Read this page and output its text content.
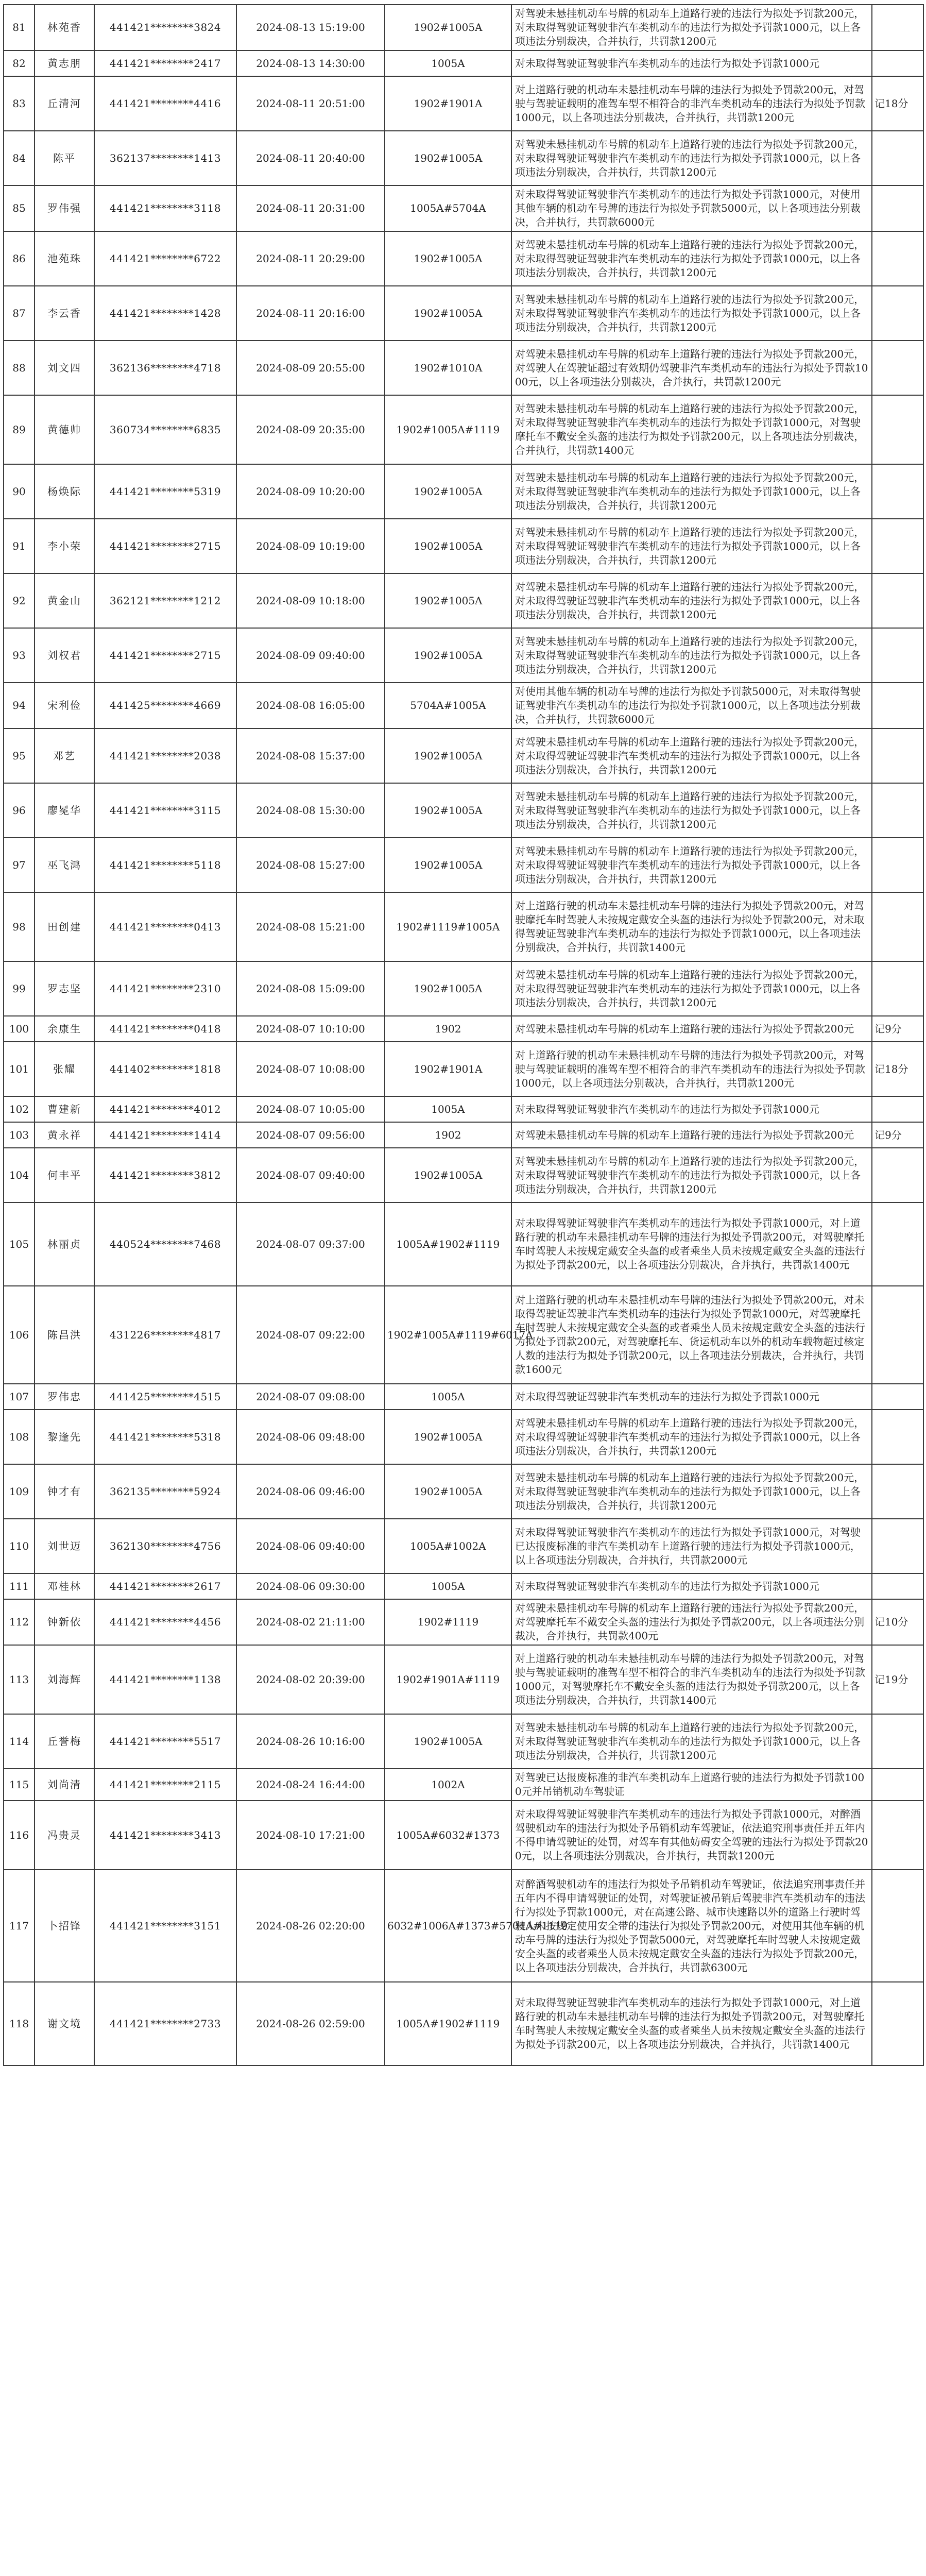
81	林苑香	441421********3824	2024-08-13 15:19:00	1902#1005A	对驾驶未悬挂机动车号牌的机动车上道路行驶的违法行为拟处予罚款200元，对未取得驾驶证驾驶非汽车类机动车的违法行为拟处予罚款1000元，以上各项违法分别裁决，合并执行，共罚款1200元	
82	黄志朋	441421********2417	2024-08-13 14:30:00	1005A	对未取得驾驶证驾驶非汽车类机动车的违法行为拟处予罚款1000元	
83	丘清河	441421********4416	2024-08-11 20:51:00	1902#1901A	对上道路行驶的机动车未悬挂机动车号牌的违法行为拟处予罚款200元，对驾驶与驾驶证载明的准驾车型不相符合的非汽车类机动车的违法行为拟处予罚款1000元，以上各项违法分别裁决，合并执行，共罚款1200元	记18分
84	陈平	362137********1413	2024-08-11 20:40:00	1902#1005A	对驾驶未悬挂机动车号牌的机动车上道路行驶的违法行为拟处予罚款200元，对未取得驾驶证驾驶非汽车类机动车的违法行为拟处予罚款1000元，以上各项违法分别裁决，合并执行，共罚款1200元	
85	罗伟强	441421********3118	2024-08-11 20:31:00	1005A#5704A	对未取得驾驶证驾驶非汽车类机动车的违法行为拟处予罚款1000元，对使用其他车辆的机动车号牌的违法行为拟处予罚款5000元，以上各项违法分别裁决，合并执行，共罚款6000元	
86	池苑珠	441421********6722	2024-08-11 20:29:00	1902#1005A	对驾驶未悬挂机动车号牌的机动车上道路行驶的违法行为拟处予罚款200元，对未取得驾驶证驾驶非汽车类机动车的违法行为拟处予罚款1000元，以上各项违法分别裁决，合并执行，共罚款1200元	
87	李云香	441421********1428	2024-08-11 20:16:00	1902#1005A	对驾驶未悬挂机动车号牌的机动车上道路行驶的违法行为拟处予罚款200元，对未取得驾驶证驾驶非汽车类机动车的违法行为拟处予罚款1000元，以上各项违法分别裁决，合并执行，共罚款1200元	
88	刘文四	362136********4718	2024-08-09 20:55:00	1902#1010A	对驾驶未悬挂机动车号牌的机动车上道路行驶的违法行为拟处予罚款200元，对驾驶人在驾驶证超过有效期仍驾驶非汽车类机动车的违法行为拟处予罚款1000元，以上各项违法分别裁决，合并执行，共罚款1200元	
89	黄德帅	360734********6835	2024-08-09 20:35:00	1902#1005A#1119	对驾驶未悬挂机动车号牌的机动车上道路行驶的违法行为拟处予罚款200元，对未取得驾驶证驾驶非汽车类机动车的违法行为拟处予罚款1000元，对驾驶摩托车不戴安全头盔的违法行为拟处予罚款200元，以上各项违法分别裁决，合并执行，共罚款1400元	
90	杨焕际	441421********5319	2024-08-09 10:20:00	1902#1005A	对驾驶未悬挂机动车号牌的机动车上道路行驶的违法行为拟处予罚款200元，对未取得驾驶证驾驶非汽车类机动车的违法行为拟处予罚款1000元，以上各项违法分别裁决，合并执行，共罚款1200元	
91	李小荣	441421********2715	2024-08-09 10:19:00	1902#1005A	对驾驶未悬挂机动车号牌的机动车上道路行驶的违法行为拟处予罚款200元，对未取得驾驶证驾驶非汽车类机动车的违法行为拟处予罚款1000元，以上各项违法分别裁决，合并执行，共罚款1200元	
92	黄金山	362121********1212	2024-08-09 10:18:00	1902#1005A	对驾驶未悬挂机动车号牌的机动车上道路行驶的违法行为拟处予罚款200元，对未取得驾驶证驾驶非汽车类机动车的违法行为拟处予罚款1000元，以上各项违法分别裁决，合并执行，共罚款1200元	
93	刘权君	441421********2715	2024-08-09 09:40:00	1902#1005A	对驾驶未悬挂机动车号牌的机动车上道路行驶的违法行为拟处予罚款200元，对未取得驾驶证驾驶非汽车类机动车的违法行为拟处予罚款1000元，以上各项违法分别裁决，合并执行，共罚款1200元	
94	宋利俭	441425********4669	2024-08-08 16:05:00	5704A#1005A	对使用其他车辆的机动车号牌的违法行为拟处予罚款5000元，对未取得驾驶证驾驶非汽车类机动车的违法行为拟处予罚款1000元，以上各项违法分别裁决，合并执行，共罚款6000元	
95	邓艺	441421********2038	2024-08-08 15:37:00	1902#1005A	对驾驶未悬挂机动车号牌的机动车上道路行驶的违法行为拟处予罚款200元，对未取得驾驶证驾驶非汽车类机动车的违法行为拟处予罚款1000元，以上各项违法分别裁决，合并执行，共罚款1200元	
96	廖冕华	441421********3115	2024-08-08 15:30:00	1902#1005A	对驾驶未悬挂机动车号牌的机动车上道路行驶的违法行为拟处予罚款200元，对未取得驾驶证驾驶非汽车类机动车的违法行为拟处予罚款1000元，以上各项违法分别裁决，合并执行，共罚款1200元	
97	巫飞鸿	441421********5118	2024-08-08 15:27:00	1902#1005A	对驾驶未悬挂机动车号牌的机动车上道路行驶的违法行为拟处予罚款200元，对未取得驾驶证驾驶非汽车类机动车的违法行为拟处予罚款1000元，以上各项违法分别裁决，合并执行，共罚款1200元	
98	田创建	441421********0413	2024-08-08 15:21:00	1902#1119#1005A	对上道路行驶的机动车未悬挂机动车号牌的违法行为拟处予罚款200元，对驾驶摩托车时驾驶人未按规定戴安全头盔的违法行为拟处予罚款200元，对未取得驾驶证驾驶非汽车类机动车的违法行为拟处予罚款1000元，以上各项违法分别裁决，合并执行，共罚款1400元	
99	罗志坚	441421********2310	2024-08-08 15:09:00	1902#1005A	对驾驶未悬挂机动车号牌的机动车上道路行驶的违法行为拟处予罚款200元，对未取得驾驶证驾驶非汽车类机动车的违法行为拟处予罚款1000元，以上各项违法分别裁决，合并执行，共罚款1200元	
100	余康生	441421********0418	2024-08-07 10:10:00	1902	对驾驶未悬挂机动车号牌的机动车上道路行驶的违法行为拟处予罚款200元	记9分
101	张耀	441402********1818	2024-08-07 10:08:00	1902#1901A	对上道路行驶的机动车未悬挂机动车号牌的违法行为拟处予罚款200元，对驾驶与驾驶证载明的准驾车型不相符合的非汽车类机动车的违法行为拟处予罚款1000元，以上各项违法分别裁决，合并执行，共罚款1200元	记18分
102	曹建新	441421********4012	2024-08-07 10:05:00	1005A	对未取得驾驶证驾驶非汽车类机动车的违法行为拟处予罚款1000元	
103	黄永祥	441421********1414	2024-08-07 09:56:00	1902	对驾驶未悬挂机动车号牌的机动车上道路行驶的违法行为拟处予罚款200元	记9分
104	何丰平	441421********3812	2024-08-07 09:40:00	1902#1005A	对驾驶未悬挂机动车号牌的机动车上道路行驶的违法行为拟处予罚款200元，对未取得驾驶证驾驶非汽车类机动车的违法行为拟处予罚款1000元，以上各项违法分别裁决，合并执行，共罚款1200元	
105	林丽贞	440524********7468	2024-08-07 09:37:00	1005A#1902#1119	对未取得驾驶证驾驶非汽车类机动车的违法行为拟处予罚款1000元，对上道路行驶的机动车未悬挂机动车号牌的违法行为拟处予罚款200元，对驾驶摩托车时驾驶人未按规定戴安全头盔的或者乘坐人员未按规定戴安全头盔的违法行为拟处予罚款200元，以上各项违法分别裁决，合并执行，共罚款1400元	
106	陈昌洪	431226********4817	2024-08-07 09:22:00	1902#1005A#1119#6017A	对上道路行驶的机动车未悬挂机动车号牌的违法行为拟处予罚款200元，对未取得驾驶证驾驶非汽车类机动车的违法行为拟处予罚款1000元，对驾驶摩托车时驾驶人未按规定戴安全头盔的或者乘坐人员未按规定戴安全头盔的违法行为拟处予罚款200元，对驾驶摩托车、货运机动车以外的机动车载物超过核定人数的违法行为拟处予罚款200元，以上各项违法分别裁决，合并执行，共罚款1600元	
107	罗伟忠	441425********4515	2024-08-07 09:08:00	1005A	对未取得驾驶证驾驶非汽车类机动车的违法行为拟处予罚款1000元	
108	黎逢先	441421********5318	2024-08-06 09:48:00	1902#1005A	对驾驶未悬挂机动车号牌的机动车上道路行驶的违法行为拟处予罚款200元，对未取得驾驶证驾驶非汽车类机动车的违法行为拟处予罚款1000元，以上各项违法分别裁决，合并执行，共罚款1200元	
109	钟才有	362135********5924	2024-08-06 09:46:00	1902#1005A	对驾驶未悬挂机动车号牌的机动车上道路行驶的违法行为拟处予罚款200元，对未取得驾驶证驾驶非汽车类机动车的违法行为拟处予罚款1000元，以上各项违法分别裁决，合并执行，共罚款1200元	
110	刘世迈	362130********4756	2024-08-06 09:40:00	1005A#1002A	对未取得驾驶证驾驶非汽车类机动车的违法行为拟处予罚款1000元，对驾驶已达报废标准的非汽车类机动车上道路行驶的违法行为拟处予罚款1000元，以上各项违法分别裁决，合并执行，共罚款2000元	
111	邓桂林	441421********2617	2024-08-06 09:30:00	1005A	对未取得驾驶证驾驶非汽车类机动车的违法行为拟处予罚款1000元	
112	钟新依	441421********4456	2024-08-02 21:11:00	1902#1119	对驾驶未悬挂机动车号牌的机动车上道路行驶的违法行为拟处予罚款200元，对驾驶摩托车不戴安全头盔的违法行为拟处予罚款200元，以上各项违法分别裁决，合并执行，共罚款400元	记10分
113	刘海辉	441421********1138	2024-08-02 20:39:00	1902#1901A#1119	对上道路行驶的机动车未悬挂机动车号牌的违法行为拟处予罚款200元，对驾驶与驾驶证载明的准驾车型不相符合的非汽车类机动车的违法行为拟处予罚款1000元，对驾驶摩托车不戴安全头盔的违法行为拟处予罚款200元，以上各项违法分别裁决，合并执行，共罚款1400元	记19分
114	丘誉梅	441421********5517	2024-08-26 10:16:00	1902#1005A	对驾驶未悬挂机动车号牌的机动车上道路行驶的违法行为拟处予罚款200元，对未取得驾驶证驾驶非汽车类机动车的违法行为拟处予罚款1000元，以上各项违法分别裁决，合并执行，共罚款1200元	
115	刘尚清	441421********2115	2024-08-24 16:44:00	1002A	对驾驶已达报废标准的非汽车类机动车上道路行驶的违法行为拟处予罚款1000元并吊销机动车驾驶证	
116	冯贵灵	441421********3413	2024-08-10 17:21:00	1005A#6032#1373	对未取得驾驶证驾驶非汽车类机动车的违法行为拟处予罚款1000元，对醉酒驾驶机动车的违法行为拟处予吊销机动车驾驶证，依法追究刑事责任并五年内不得申请驾驶证的处罚，对驾车有其他妨碍安全驾驶的违法行为拟处予罚款200元，以上各项违法分别裁决，合并执行，共罚款1200元	
117	卜招锋	441421********3151	2024-08-26 02:20:00	6032#1006A#1373#5704A#1119	对醉酒驾驶机动车的违法行为拟处予吊销机动车驾驶证，依法追究刑事责任并五年内不得申请驾驶证的处罚，对驾驶证被吊销后驾驶非汽车类机动车的违法行为拟处予罚款1000元，对在高速公路、城市快速路以外的道路上行驶时驾驶人未按规定使用安全带的违法行为拟处予罚款200元，对使用其他车辆的机动车号牌的违法行为拟处予罚款5000元，对驾驶摩托车时驾驶人未按规定戴安全头盔的或者乘坐人员未按规定戴安全头盔的违法行为拟处予罚款200元，以上各项违法分别裁决，合并执行，共罚款6300元	
118	谢文境	441421********2733	2024-08-26 02:59:00	1005A#1902#1119	对未取得驾驶证驾驶非汽车类机动车的违法行为拟处予罚款1000元，对上道路行驶的机动车未悬挂机动车号牌的违法行为拟处予罚款200元，对驾驶摩托车时驾驶人未按规定戴安全头盔的或者乘坐人员未按规定戴安全头盔的违法行为拟处予罚款200元，以上各项违法分别裁决，合并执行，共罚款1400元	
